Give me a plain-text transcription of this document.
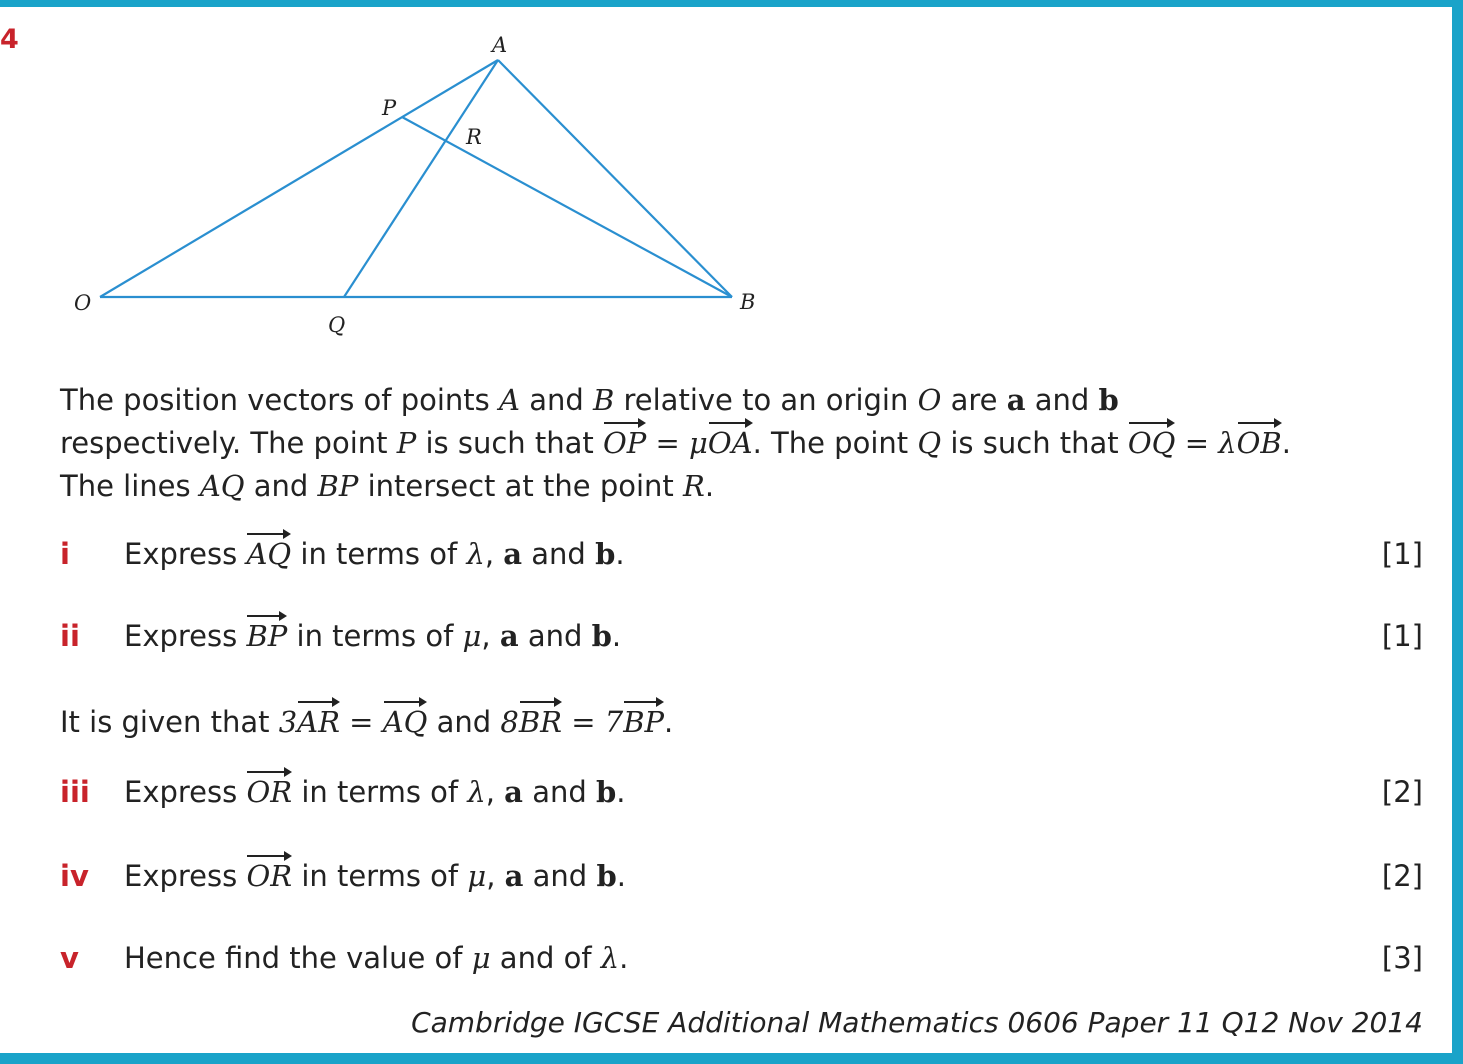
4	A
P
R
O
Q
B
The position vectors of points A and B relative to an origin O are a and b
respectively. The point P is such that OP = μOA. The point Q is such that OQ = λOB.
The lines AQ and BP intersect at the point R.
i Express AQ in terms of λ, a and b.	[1]
ii Express BP in terms of μ, a and b.	[1]
It is given that 3AR = AQ and 8BR = 7BP.
iii Express OR in terms of λ, a and b.	[2]
iv Express OR in terms of μ, a and b.	[2]
v Hence find the value of μ and of λ.	[3]
Cambridge IGCSE Additional Mathematics 0606 Paper 11 Q12 Nov 2014
